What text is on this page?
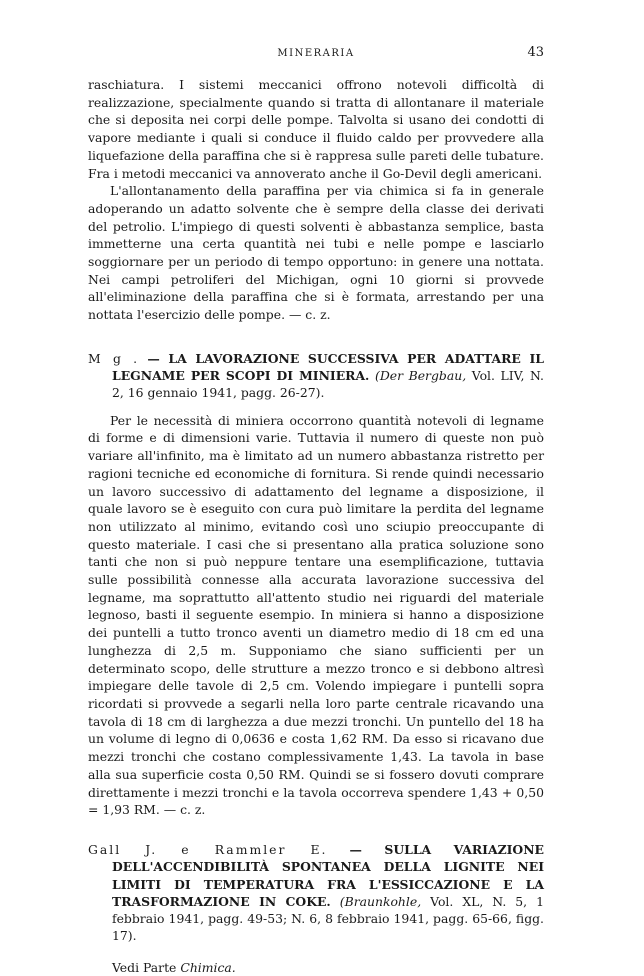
MINERARIA	43

raschiatura. I sistemi meccanici offrono notevoli difficoltà di realizzazione, specialmente quando si tratta di allontanare il materiale che si deposita nei corpi delle pompe. Talvolta si usano dei condotti di vapore mediante i quali si conduce il fluido caldo per provvedere alla liquefazione della paraffina che si è rappresa sulle pareti delle tubature. Fra i metodi meccanici va annoverato anche il Go-Devil degli americani.

L'allontanamento della paraffina per via chimica si fa in generale adoperando un adatto solvente che è sempre della classe dei derivati del petrolio. L'impiego di questi solventi è abbastanza semplice, basta immetterne una certa quantità nei tubi e nelle pompe e lasciarlo soggiornare per un periodo di tempo opportuno: in genere una nottata. Nei campi petroliferi del Michigan, ogni 10 giorni si provvede all'eliminazione della paraffina che si è formata, arrestando per una nottata l'esercizio delle pompe. — c. z.

M g . — LA LAVORAZIONE SUCCESSIVA PER ADATTARE IL LEGNAME PER SCOPI DI MINIERA. (Der Bergbau, Vol. LIV, N. 2, 16 gennaio 1941, pagg. 26-27).

Per le necessità di miniera occorrono quantità notevoli di legname di forme e di dimensioni varie. Tuttavia il numero di queste non può variare all'infinito, ma è limitato ad un numero abbastanza ristretto per ragioni tecniche ed economiche di fornitura. Si rende quindi necessario un lavoro successivo di adattamento del legname a disposizione, il quale lavoro se è eseguito con cura può limitare la perdita del legname non utilizzato al minimo, evitando così uno sciupio preoccupante di questo materiale. I casi che si presentano alla pratica soluzione sono tanti che non si può neppure tentare una esemplificazione, tuttavia sulle possibilità connesse alla accurata lavorazione successiva del legname, ma soprattutto all'attento studio nei riguardi del materiale legnoso, basti il seguente esempio. In miniera si hanno a disposizione dei puntelli a tutto tronco aventi un diametro medio di 18 cm ed una lunghezza di 2,5 m. Supponiamo che siano sufficienti per un determinato scopo, delle strutture a mezzo tronco e si debbono altresì impiegare delle tavole di 2,5 cm. Volendo impiegare i puntelli sopra ricordati si provvede a segarli nella loro parte centrale ricavando una tavola di 18 cm di larghezza a due mezzi tronchi. Un puntello del 18 ha un volume di legno di 0,0636 e costa 1,62 RM. Da esso si ricavano due mezzi tronchi che costano complessivamente 1,43. La tavola in base alla sua superficie costa 0,50 RM. Quindi se si fossero dovuti comprare direttamente i mezzi tronchi e la tavola occorreva spendere 1,43 + 0,50 = 1,93 RM. — c. z.

Gall J. e Rammler E. — SULLA VARIAZIONE DELL'ACCENDIBILITÀ SPONTANEA DELLA LIGNITE NEI LIMITI DI TEMPERATURA FRA L'ESSICCAZIONE E LA TRASFORMAZIONE IN COKE. (Braunkohle, Vol. XL, N. 5, 1 febbraio 1941, pagg. 49-53; N. 6, 8 febbraio 1941, pagg. 65-66, figg. 17).
Vedi Parte Chimica.
